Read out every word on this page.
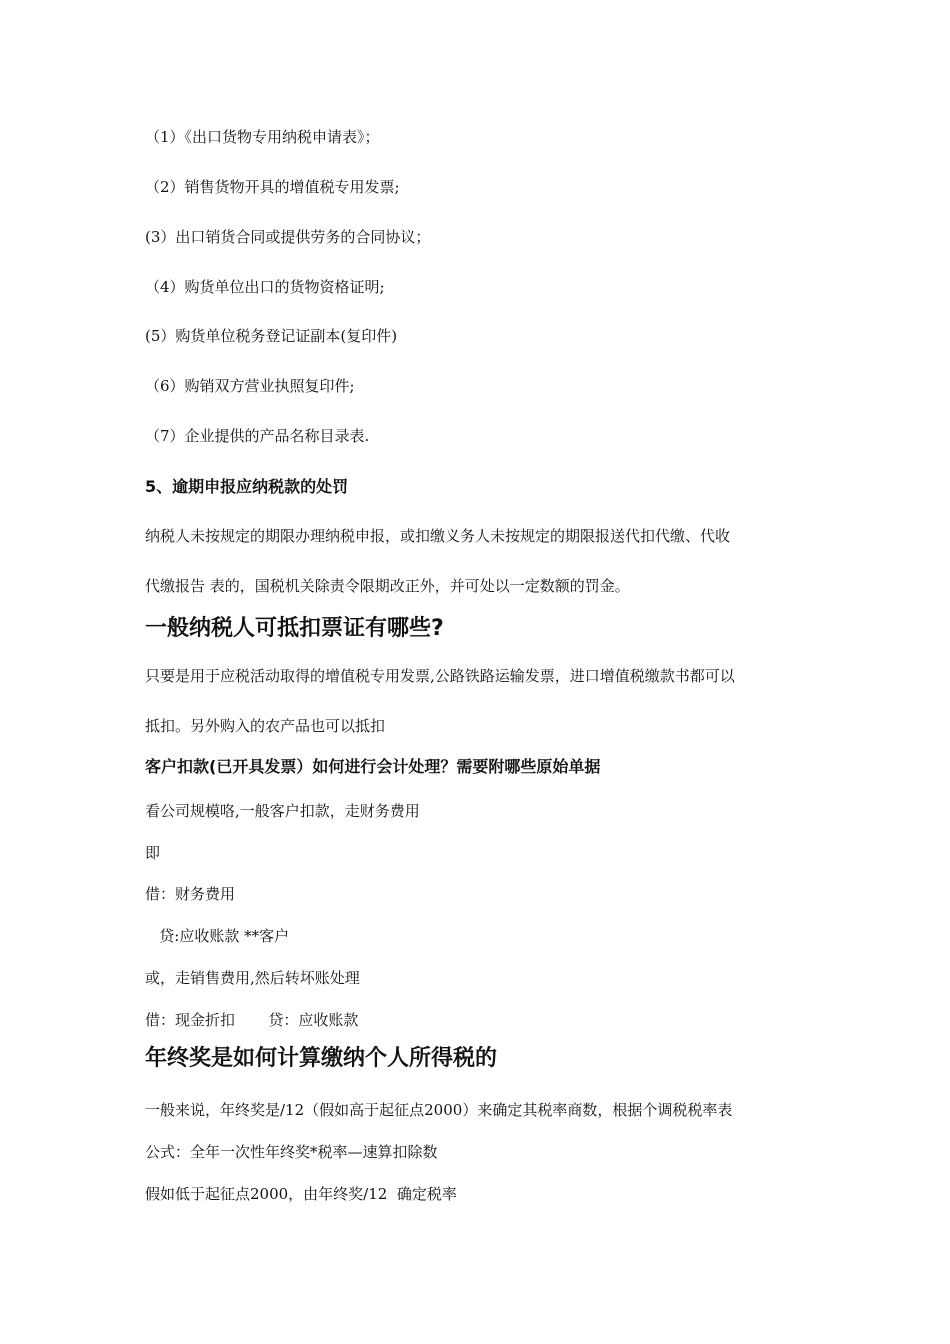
（1）《出口货物专用纳税申请表》；
（2）销售货物开具的增值税专用发票;
(3）出口销货合同或提供劳务的合同协议；
（4）购货单位出口的货物资格证明;
(5）购货单位税务登记证副本(复印件)
（6）购销双方营业执照复印件;
（7）企业提供的产品名称目录表.
5、逾期申报应纳税款的处罚
纳税人未按规定的期限办理纳税申报，或扣缴义务人未按规定的期限报送代扣代缴、代收
代缴报告 表的，国税机关除责令限期改正外，并可处以一定数额的罚金。
一般纳税人可抵扣票证有哪些?
只要是用于应税活动取得的增值税专用发票,公路铁路运输发票，进口增值税缴款书都可以
抵扣。另外购入的农产品也可以抵扣
客户扣款(已开具发票）如何进行会计处理？需要附哪些原始单据
看公司规模咯,一般客户扣款，走财务费用
即
借：财务费用
贷:应收账款 **客户
或，走销售费用,然后转坏账处理
借：现金折扣       贷：应收账款
年终奖是如何计算缴纳个人所得税的
一般来说，年终奖是/12（假如高于起征点2000）来确定其税率商数，根据个调税税率表
公式：全年一次性年终奖*税率—速算扣除数
假如低于起征点2000，由年终奖/12  确定税率
